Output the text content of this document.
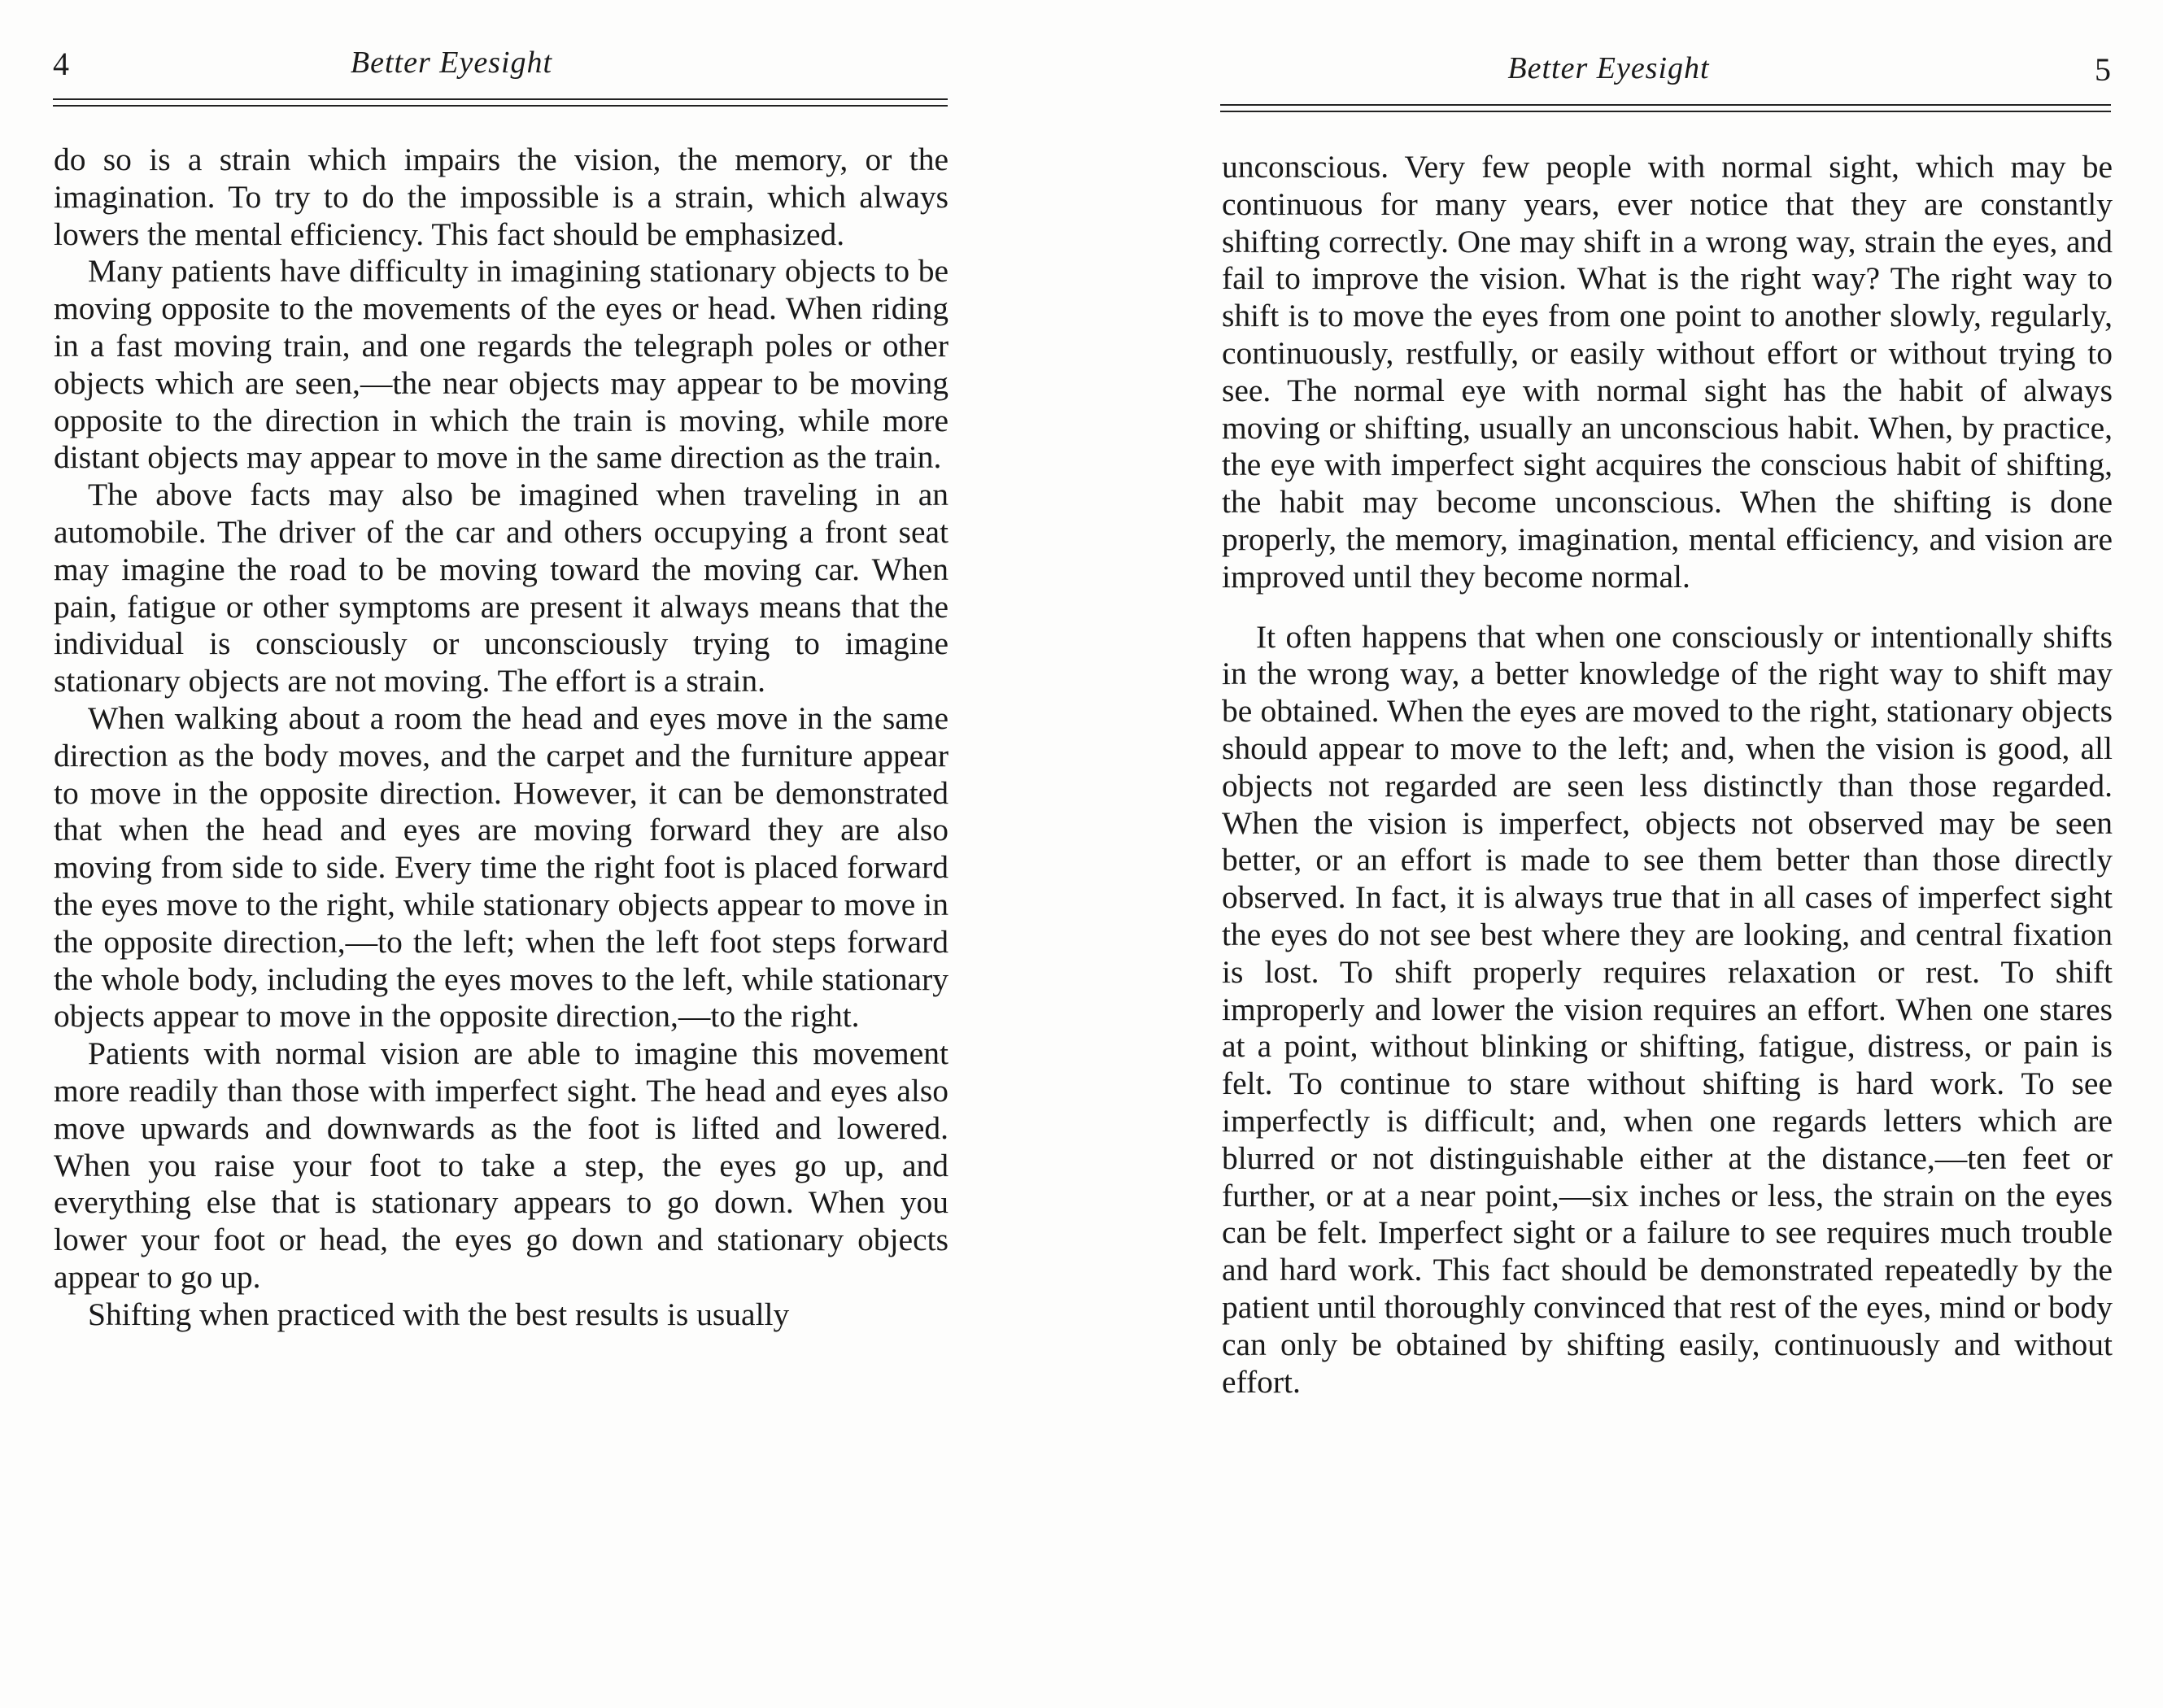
4	Better Eyesight

do so is a strain which impairs the vision, the memory, or the imagination. To try to do the impossible is a strain, which always lowers the mental efficiency. This fact should be emphasized.

Many patients have difficulty in imagining stationary objects to be moving opposite to the movements of the eyes or head. When riding in a fast moving train, and one regards the telegraph poles or other objects which are seen,—the near objects may appear to be moving opposite to the direction in which the train is moving, while more distant objects may appear to move in the same direction as the train.

The above facts may also be imagined when traveling in an automobile. The driver of the car and others occupying a front seat may imagine the road to be moving toward the moving car. When pain, fatigue or other symptoms are present it always means that the individual is consciously or unconsciously trying to imagine stationary objects are not moving. The effort is a strain.

When walking about a room the head and eyes move in the same direction as the body moves, and the carpet and the furniture appear to move in the opposite direction. However, it can be demonstrated that when the head and eyes are moving forward they are also moving from side to side. Every time the right foot is placed forward the eyes move to the right, while stationary objects appear to move in the opposite direction,—to the left; when the left foot steps forward the whole body, including the eyes moves to the left, while stationary objects appear to move in the opposite direction,—to the right.

Patients with normal vision are able to imagine this movement more readily than those with imperfect sight. The head and eyes also move upwards and downwards as the foot is lifted and lowered. When you raise your foot to take a step, the eyes go up, and everything else that is stationary appears to go down. When you lower your foot or head, the eyes go down and stationary objects appear to go up.

Shifting when practiced with the best results is usually

Better Eyesight	5

unconscious. Very few people with normal sight, which may be continuous for many years, ever notice that they are constantly shifting correctly. One may shift in a wrong way, strain the eyes, and fail to improve the vision. What is the right way? The right way to shift is to move the eyes from one point to another slowly, regularly, continuously, restfully, or easily without effort or without trying to see. The normal eye with normal sight has the habit of always moving or shifting, usually an unconscious habit. When, by practice, the eye with imperfect sight acquires the conscious habit of shifting, the habit may become unconscious. When the shifting is done properly, the memory, imagination, mental efficiency, and vision are improved until they become normal.

It often happens that when one consciously or intentionally shifts in the wrong way, a better knowledge of the right way to shift may be obtained. When the eyes are moved to the right, stationary objects should appear to move to the left; and, when the vision is good, all objects not regarded are seen less distinctly than those regarded. When the vision is imperfect, objects not observed may be seen better, or an effort is made to see them better than those directly observed. In fact, it is always true that in all cases of imperfect sight the eyes do not see best where they are looking, and central fixation is lost. To shift properly requires relaxation or rest. To shift improperly and lower the vision requires an effort. When one stares at a point, without blinking or shifting, fatigue, distress, or pain is felt. To continue to stare without shifting is hard work. To see imperfectly is difficult; and, when one regards letters which are blurred or not distinguishable either at the distance,—ten feet or further, or at a near point,—six inches or less, the strain on the eyes can be felt. Imperfect sight or a failure to see requires much trouble and hard work. This fact should be demonstrated repeatedly by the patient until thoroughly convinced that rest of the eyes, mind or body can only be obtained by shifting easily, continuously and without effort.
